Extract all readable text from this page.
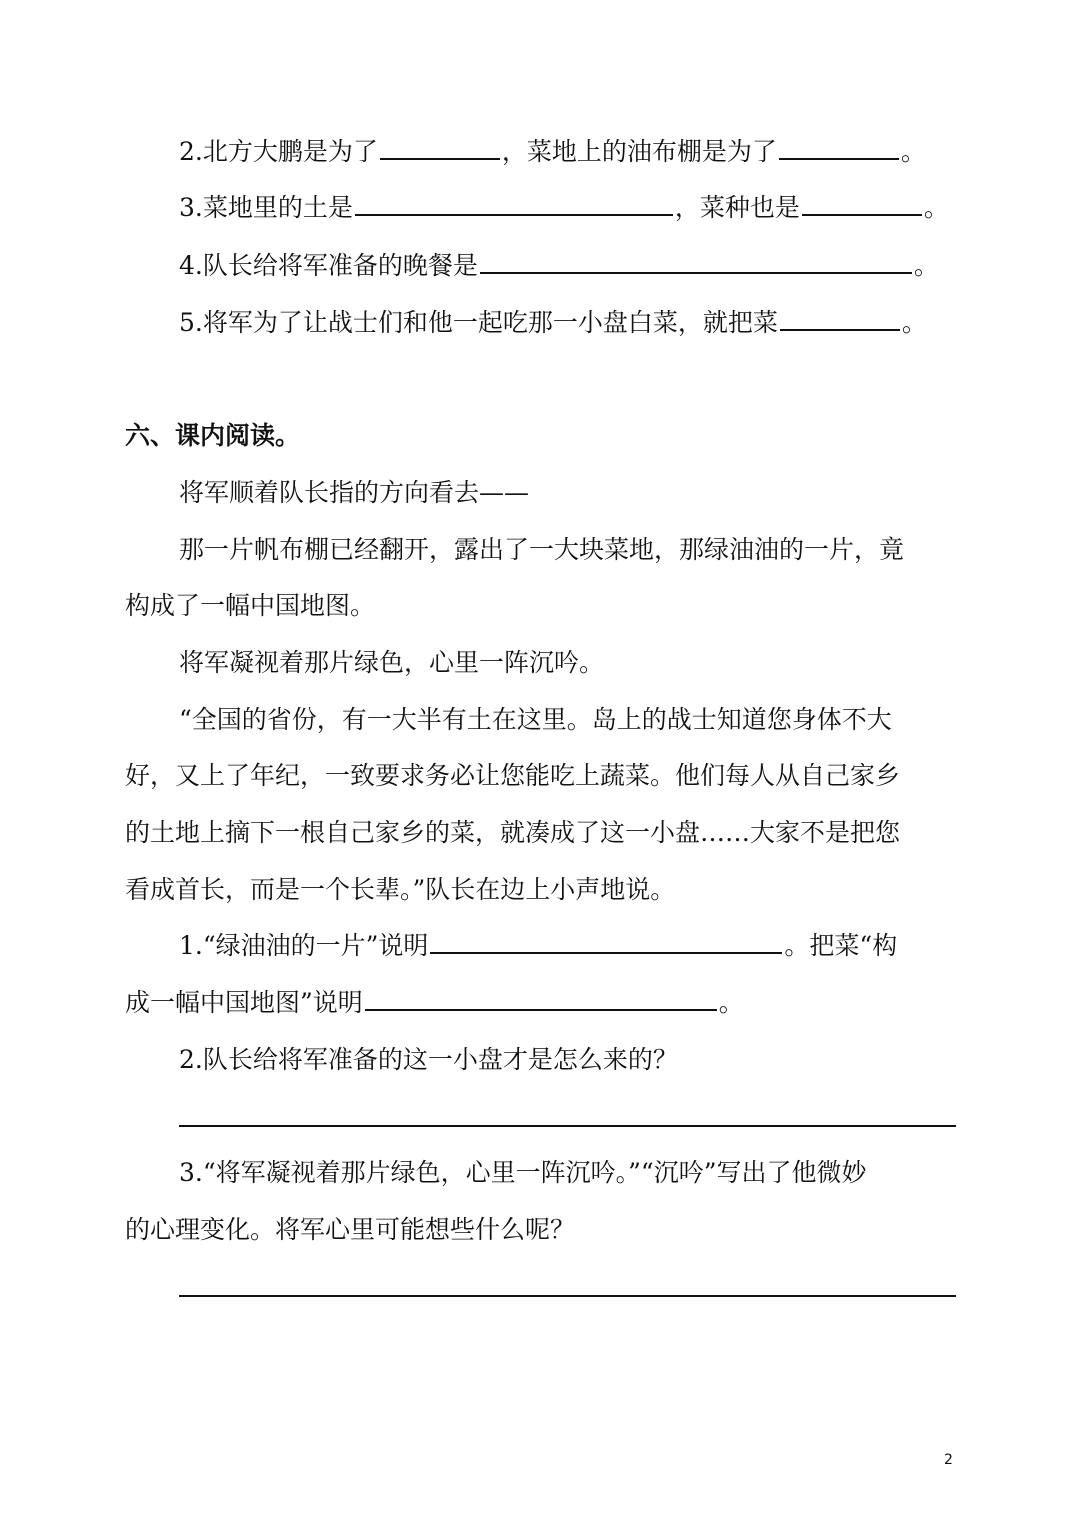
2.北方大鹏是为了	，菜地上的油布棚是为了	。
3.菜地里的土是	，菜种也是	。
4.队长给将军准备的晚餐是	。
5.将军为了让战士们和他一起吃那一小盘白菜，就把菜	。
六、课内阅读。
将军顺着队长指的方向看去——
那一片帆布棚已经翻开，露出了一大块菜地，那绿油油的一片，竟
构成了一幅中国地图。
将军凝视着那片绿色，心里一阵沉吟。
“全国的省份，有一大半有土在这里。岛上的战士知道您身体不大
好，又上了年纪，一致要求务必让您能吃上蔬菜。他们每人从自己家乡
的土地上摘下一根自己家乡的菜，就凑成了这一小盘……大家不是把您
看成首长，而是一个长辈。”队长在边上小声地说。
1.“绿油油的一片”说明	。把菜“构
成一幅中国地图”说明	。
2.队长给将军准备的这一小盘才是怎么来的？
3.“将军凝视着那片绿色，心里一阵沉吟。”“沉吟”写出了他微妙
的心理变化。将军心里可能想些什么呢？
2
